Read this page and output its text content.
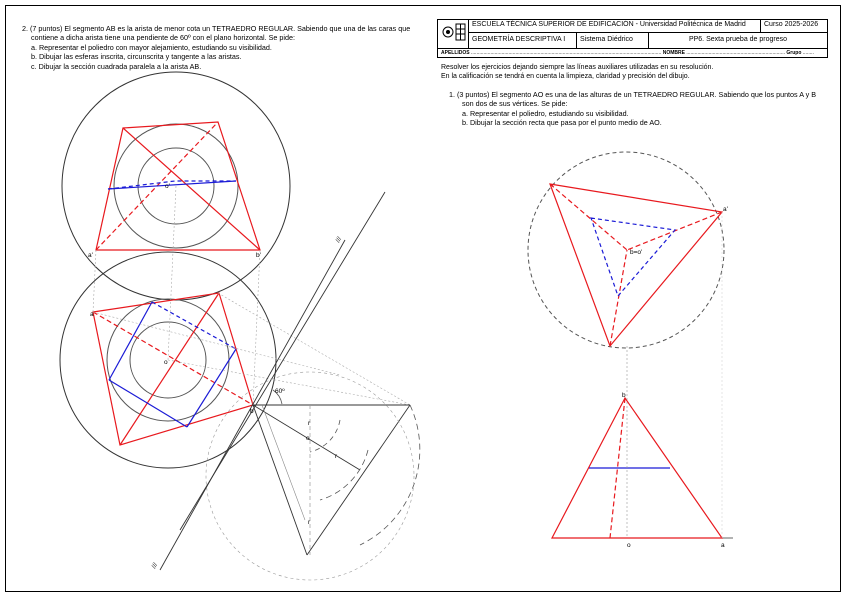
2. (7 puntos) El segmento AB es la arista de menor cota un TETRAEDRO REGULAR. Sabiendo que una de las caras que

contiene a dicha arista tiene una pendiente de 60º con el plano horizontal. Se pide:

a. Representar el poliedro con mayor alejamiento, estudiando su visibilidad.

b. Dibujar las esferas inscrita, circunscrita y tangente a las aristas.

c. Dibujar la sección cuadrada paralela a la arista AB.

ESCUELA TÉCNICA SUPERIOR DE EDIFICACIÓN - Universidad Politécnica de Madrid	Curso 2025-2026
GEOMETRÍA DESCRIPTIVA I	Sistema Diédrico	PP6. Sexta prueba de progreso
APELLIDOS ......................................................................................................................................... NOMBRE ....................................................................... Grupo ........

Resolver los ejercicios dejando siempre las líneas auxiliares utilizadas en su resolución.

En la calificación se tendrá en cuenta la limpieza, claridad y precisión del dibujo.

1. (3 puntos) El segmento AO es una de las alturas de un TETRAEDRO REGULAR. Sabiendo que los puntos A y B

son dos de sus vértices. Se pide:

a. Representar el poliedro, estudiando su visibilidad.

b. Dibujar la sección recta que pasa por el punto medio de AO.

a'	b'
o'
a
o
b
60º
r
r
r
o
a'
b=o'
b
o	a
///
///
